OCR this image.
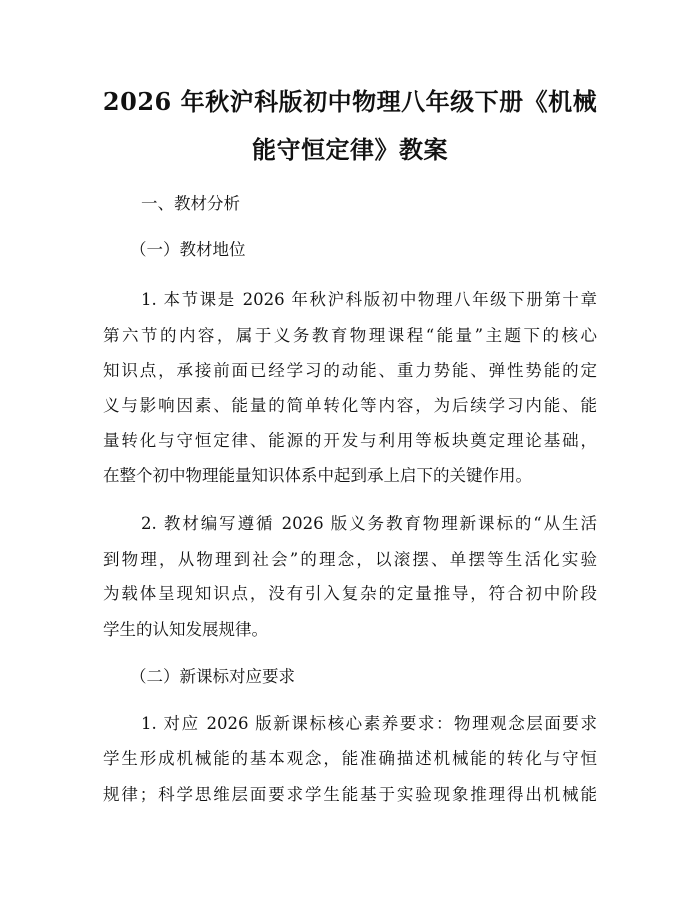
2026 年秋沪科版初中物理八年级下册《机械
能守恒定律》教案

一、教材分析

（一）教材地位

1. 本节课是 2026 年秋沪科版初中物理八年级下册第十章

第六节的内容，属于义务教育物理课程“能量”主题下的核心

知识点，承接前面已经学习的动能、重力势能、弹性势能的定

义与影响因素、能量的简单转化等内容，为后续学习内能、能

量转化与守恒定律、能源的开发与利用等板块奠定理论基础，

在整个初中物理能量知识体系中起到承上启下的关键作用。

2. 教材编写遵循 2026 版义务教育物理新课标的“从生活

到物理，从物理到社会”的理念，以滚摆、单摆等生活化实验

为载体呈现知识点，没有引入复杂的定量推导，符合初中阶段

学生的认知发展规律。

（二）新课标对应要求

1. 对应 2026 版新课标核心素养要求：物理观念层面要求

学生形成机械能的基本观念，能准确描述机械能的转化与守恒

规律；科学思维层面要求学生能基于实验现象推理得出机械能
